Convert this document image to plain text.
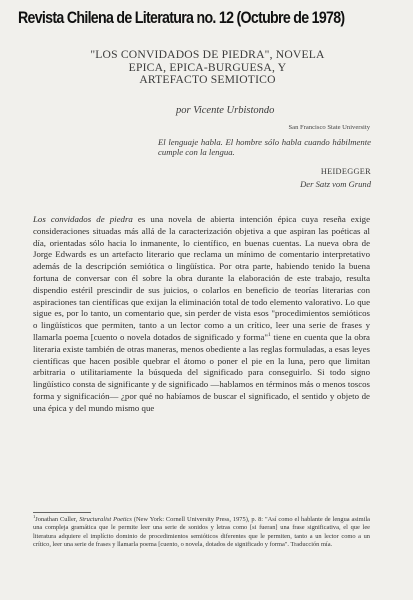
Revista Chilena de Literatura no. 12 (Octubre de 1978)
"LOS CONVIDADOS DE PIEDRA", NOVELA
EPICA, EPICA-BURGUESA, Y
ARTEFACTO SEMIOTICO
por Vicente Urbistondo
San Francisco State University
El lenguaje habla. El hombre sólo habla cuando hábilmente cumple con la lengua.
HEIDEGGER
Der Satz vom Grund

Los convidados de piedra es una novela de abierta intención épica cuya reseña exige consideraciones situadas más allá de la caracterización objetiva a que aspiran las poéticas al día, orientadas sólo hacia lo inmanente, lo científico, en buenas cuentas. La nueva obra de Jorge Edwards es un artefacto literario que reclama un mínimo de comentario interpretativo además de la descripción semiótica o lingüística. Por otra parte, habiendo tenido la buena fortuna de conversar con él sobre la obra durante la elaboración de este trabajo, resulta dispendio estéril prescindir de sus juicios, o colarlos en beneficio de teorías literarias con aspiraciones tan científicas que exijan la eliminación total de todo elemento valorativo. Lo que sigue es, por lo tanto, un comentario que, sin perder de vista esos "procedimientos semióticos o lingüísticos que permiten, tanto a un lector como a un crítico, leer una serie de frases y llamarla poema [cuento o novela dotados de significado y forma"$^1$ tiene en cuenta que la obra literaria existe también de otras maneras, menos obediente a las reglas formuladas, a esas leyes científicas que hacen posible quebrar el átomo o poner el pie en la luna, pero que limitan arbitraria o utilitariamente la búsqueda del significado para conseguirlo. Si todo signo lingüístico consta de significante y de significado —hablamos en términos más o menos toscos forma y significación— ¿por qué no habíamos de buscar el significado, el sentido y objeto de una épica y del mundo mismo que

$^1$Jonathan Culler, Structuralist Poetics (New York: Cornell University Press, 1975), p. 8: "Así como el hablante de lengua asimila una compleja gramática que le permite leer una serie de sonidos y letras como [si fueran] una frase significativa, el que lee literatura adquiere el implícito dominio de procedimientos semióticos diferentes que le permiten, tanto a un lector como a un crítico, leer una serie de frases y llamarla poema [cuento, o novela, dotados de significado y forma". Traducción mía.
